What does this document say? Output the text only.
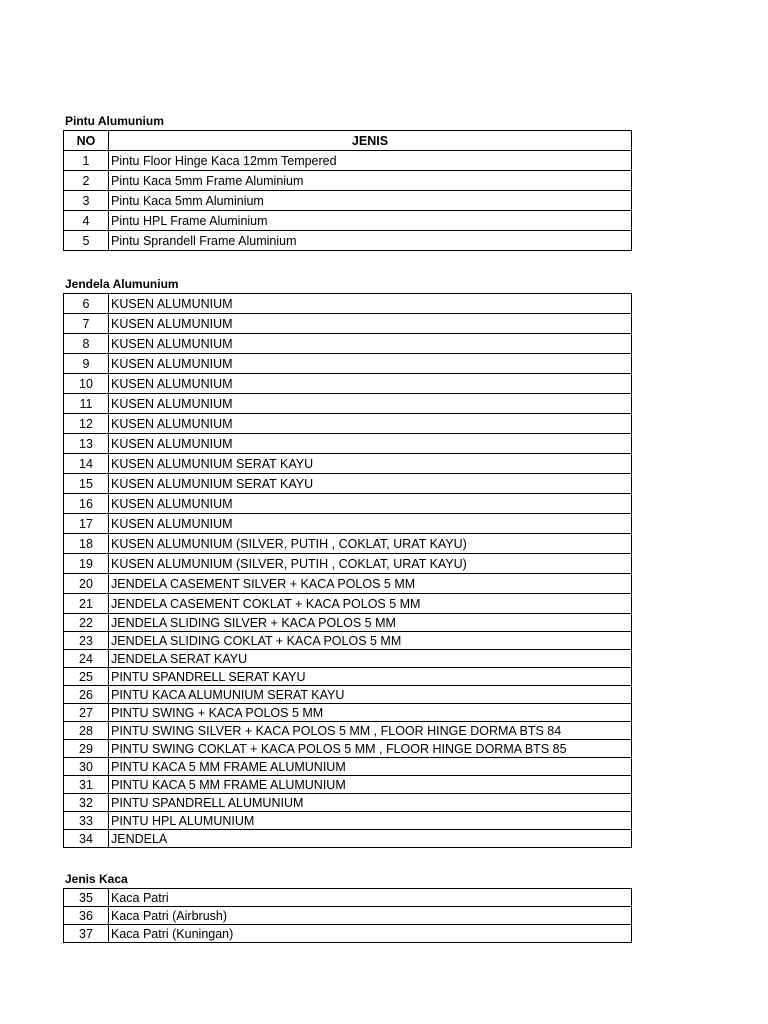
Pintu Alumunium
NO	JENIS
1	Pintu Floor Hinge Kaca 12mm Tempered
2	Pintu Kaca 5mm Frame Aluminium
3	Pintu Kaca 5mm Aluminium
4	Pintu HPL Frame Aluminium
5	Pintu Sprandell Frame Aluminium
Jendela Alumunium
6	KUSEN ALUMUNIUM
7	KUSEN ALUMUNIUM
8	KUSEN ALUMUNIUM
9	KUSEN ALUMUNIUM
10	KUSEN ALUMUNIUM
11	KUSEN ALUMUNIUM
12	KUSEN ALUMUNIUM
13	KUSEN ALUMUNIUM
14	KUSEN ALUMUNIUM SERAT KAYU
15	KUSEN ALUMUNIUM SERAT KAYU
16	KUSEN ALUMUNIUM
17	KUSEN ALUMUNIUM
18	KUSEN ALUMUNIUM (SILVER, PUTIH , COKLAT, URAT KAYU)
19	KUSEN ALUMUNIUM (SILVER, PUTIH , COKLAT, URAT KAYU)
20	JENDELA CASEMENT SILVER + KACA POLOS 5 MM
21	JENDELA CASEMENT COKLAT + KACA POLOS 5 MM
22	JENDELA SLIDING SILVER + KACA POLOS 5 MM
23	JENDELA SLIDING COKLAT + KACA POLOS 5 MM
24	JENDELA SERAT KAYU
25	PINTU SPANDRELL SERAT KAYU
26	PINTU KACA ALUMUNIUM SERAT KAYU
27	PINTU SWING + KACA POLOS 5 MM
28	PINTU SWING SILVER + KACA POLOS 5 MM , FLOOR HINGE DORMA BTS 84
29	PINTU SWING COKLAT + KACA POLOS 5 MM , FLOOR HINGE DORMA BTS 85
30	PINTU KACA 5 MM FRAME ALUMUNIUM
31	PINTU KACA 5 MM FRAME ALUMUNIUM
32	PINTU SPANDRELL ALUMUNIUM
33	PINTU HPL ALUMUNIUM
34	JENDELA
Jenis Kaca
35	Kaca Patri
36	Kaca Patri (Airbrush)
37	Kaca Patri (Kuningan)
